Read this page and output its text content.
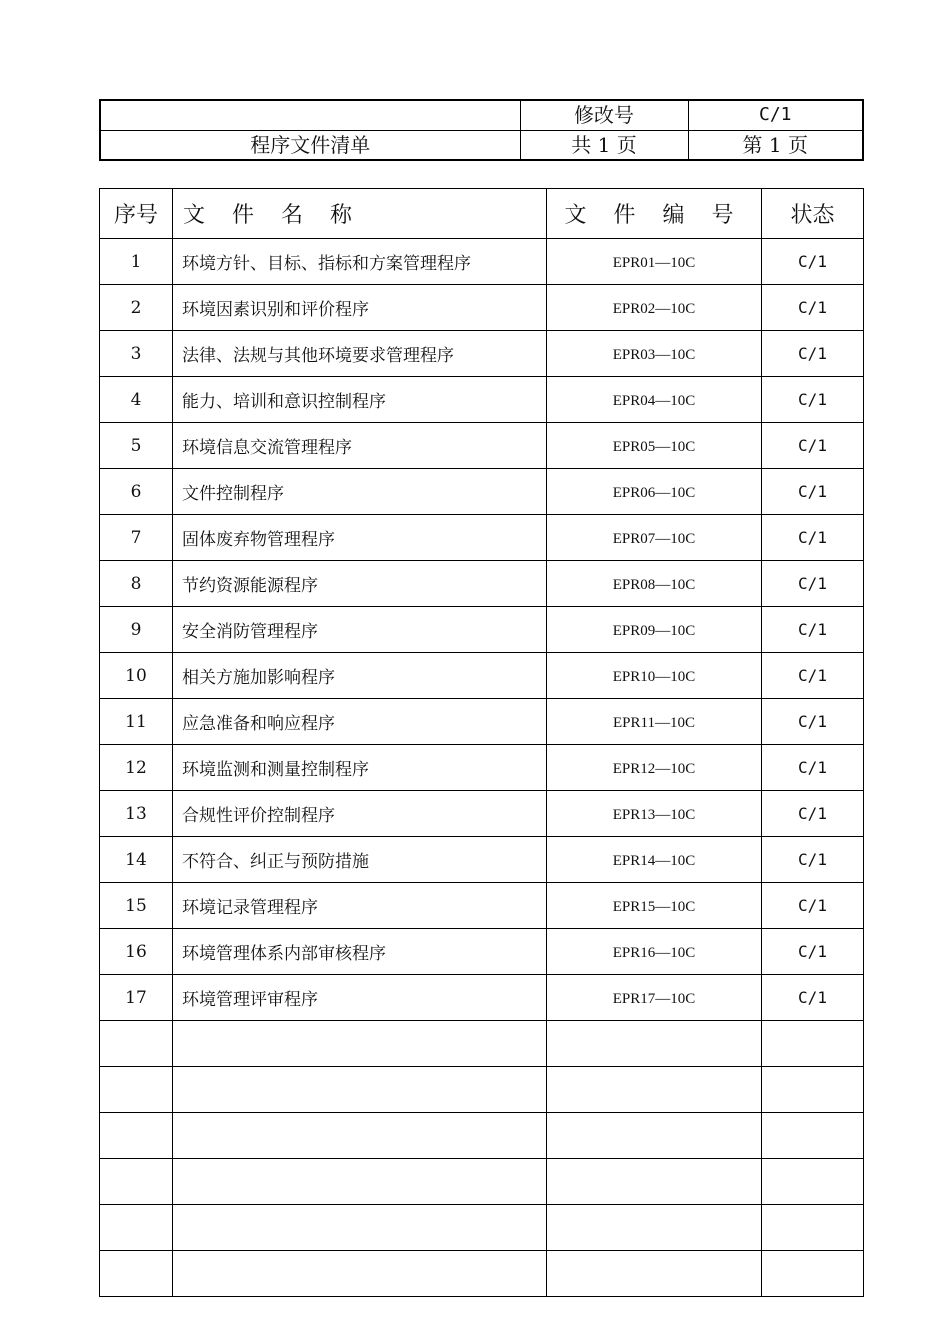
	修改号	C/1
程序文件清单	共 1 页	第 1 页
序号	文 件 名 称	文 件 编 号	状态
1	环境方针、目标、指标和方案管理程序	EPR01—10C	C/1
2	环境因素识别和评价程序	EPR02—10C	C/1
3	法律、法规与其他环境要求管理程序	EPR03—10C	C/1
4	能力、培训和意识控制程序	EPR04—10C	C/1
5	环境信息交流管理程序	EPR05—10C	C/1
6	文件控制程序	EPR06—10C	C/1
7	固体废弃物管理程序	EPR07—10C	C/1
8	节约资源能源程序	EPR08—10C	C/1
9	安全消防管理程序	EPR09—10C	C/1
10	相关方施加影响程序	EPR10—10C	C/1
11	应急准备和响应程序	EPR11—10C	C/1
12	环境监测和测量控制程序	EPR12—10C	C/1
13	合规性评价控制程序	EPR13—10C	C/1
14	不符合、纠正与预防措施	EPR14—10C	C/1
15	环境记录管理程序	EPR15—10C	C/1
16	环境管理体系内部审核程序	EPR16—10C	C/1
17	环境管理评审程序	EPR17—10C	C/1
